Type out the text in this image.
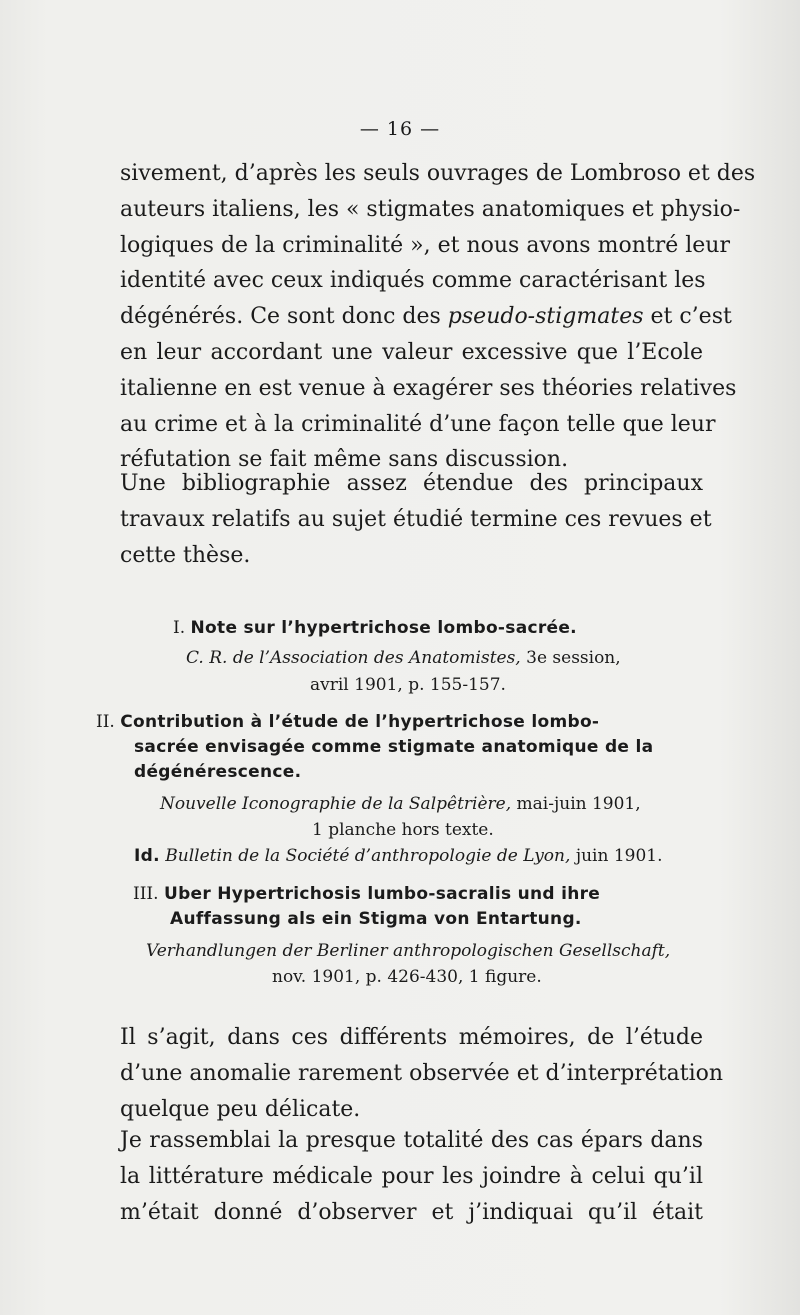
— 16 —
sivement, d’après les seuls ouvrages de Lombroso et des
auteurs italiens, les « stigmates anatomiques et physio-
logiques de la criminalité », et nous avons montré leur
identité avec ceux indiqués comme caractérisant les
dégénérés. Ce sont donc des pseudo-stigmates et c’est
en leur accordant une valeur excessive que l’Ecole
italienne en est venue à exagérer ses théories relatives
au crime et à la criminalité d’une façon telle que leur
réfutation se fait même sans discussion.
Une bibliographie assez étendue des principaux
travaux relatifs au sujet étudié termine ces revues et
cette thèse.
I. Note sur l’hypertrichose lombo-sacrée.
C. R. de l’Association des Anatomistes, 3e session,
avril 1901, p. 155-157.
II. Contribution à l’étude de l’hypertrichose lombo-
sacrée envisagée comme stigmate anatomique de la
dégénérescence.
Nouvelle Iconographie de la Salpêtrière, mai-juin 1901,
1 planche hors texte.
Id. Bulletin de la Société d’anthropologie de Lyon, juin 1901.
III. Uber Hypertrichosis lumbo-sacralis und ihre
Auffassung als ein Stigma von Entartung.
Verhandlungen der Berliner anthropologischen Gesellschaft,
nov. 1901, p. 426-430, 1 figure.
Il s’agit, dans ces différents mémoires, de l’étude
d’une anomalie rarement observée et d’interprétation
quelque peu délicate.
Je rassemblai la presque totalité des cas épars dans
la littérature médicale pour les joindre à celui qu’il
m’était donné d’observer et j’indiquai qu’il était
